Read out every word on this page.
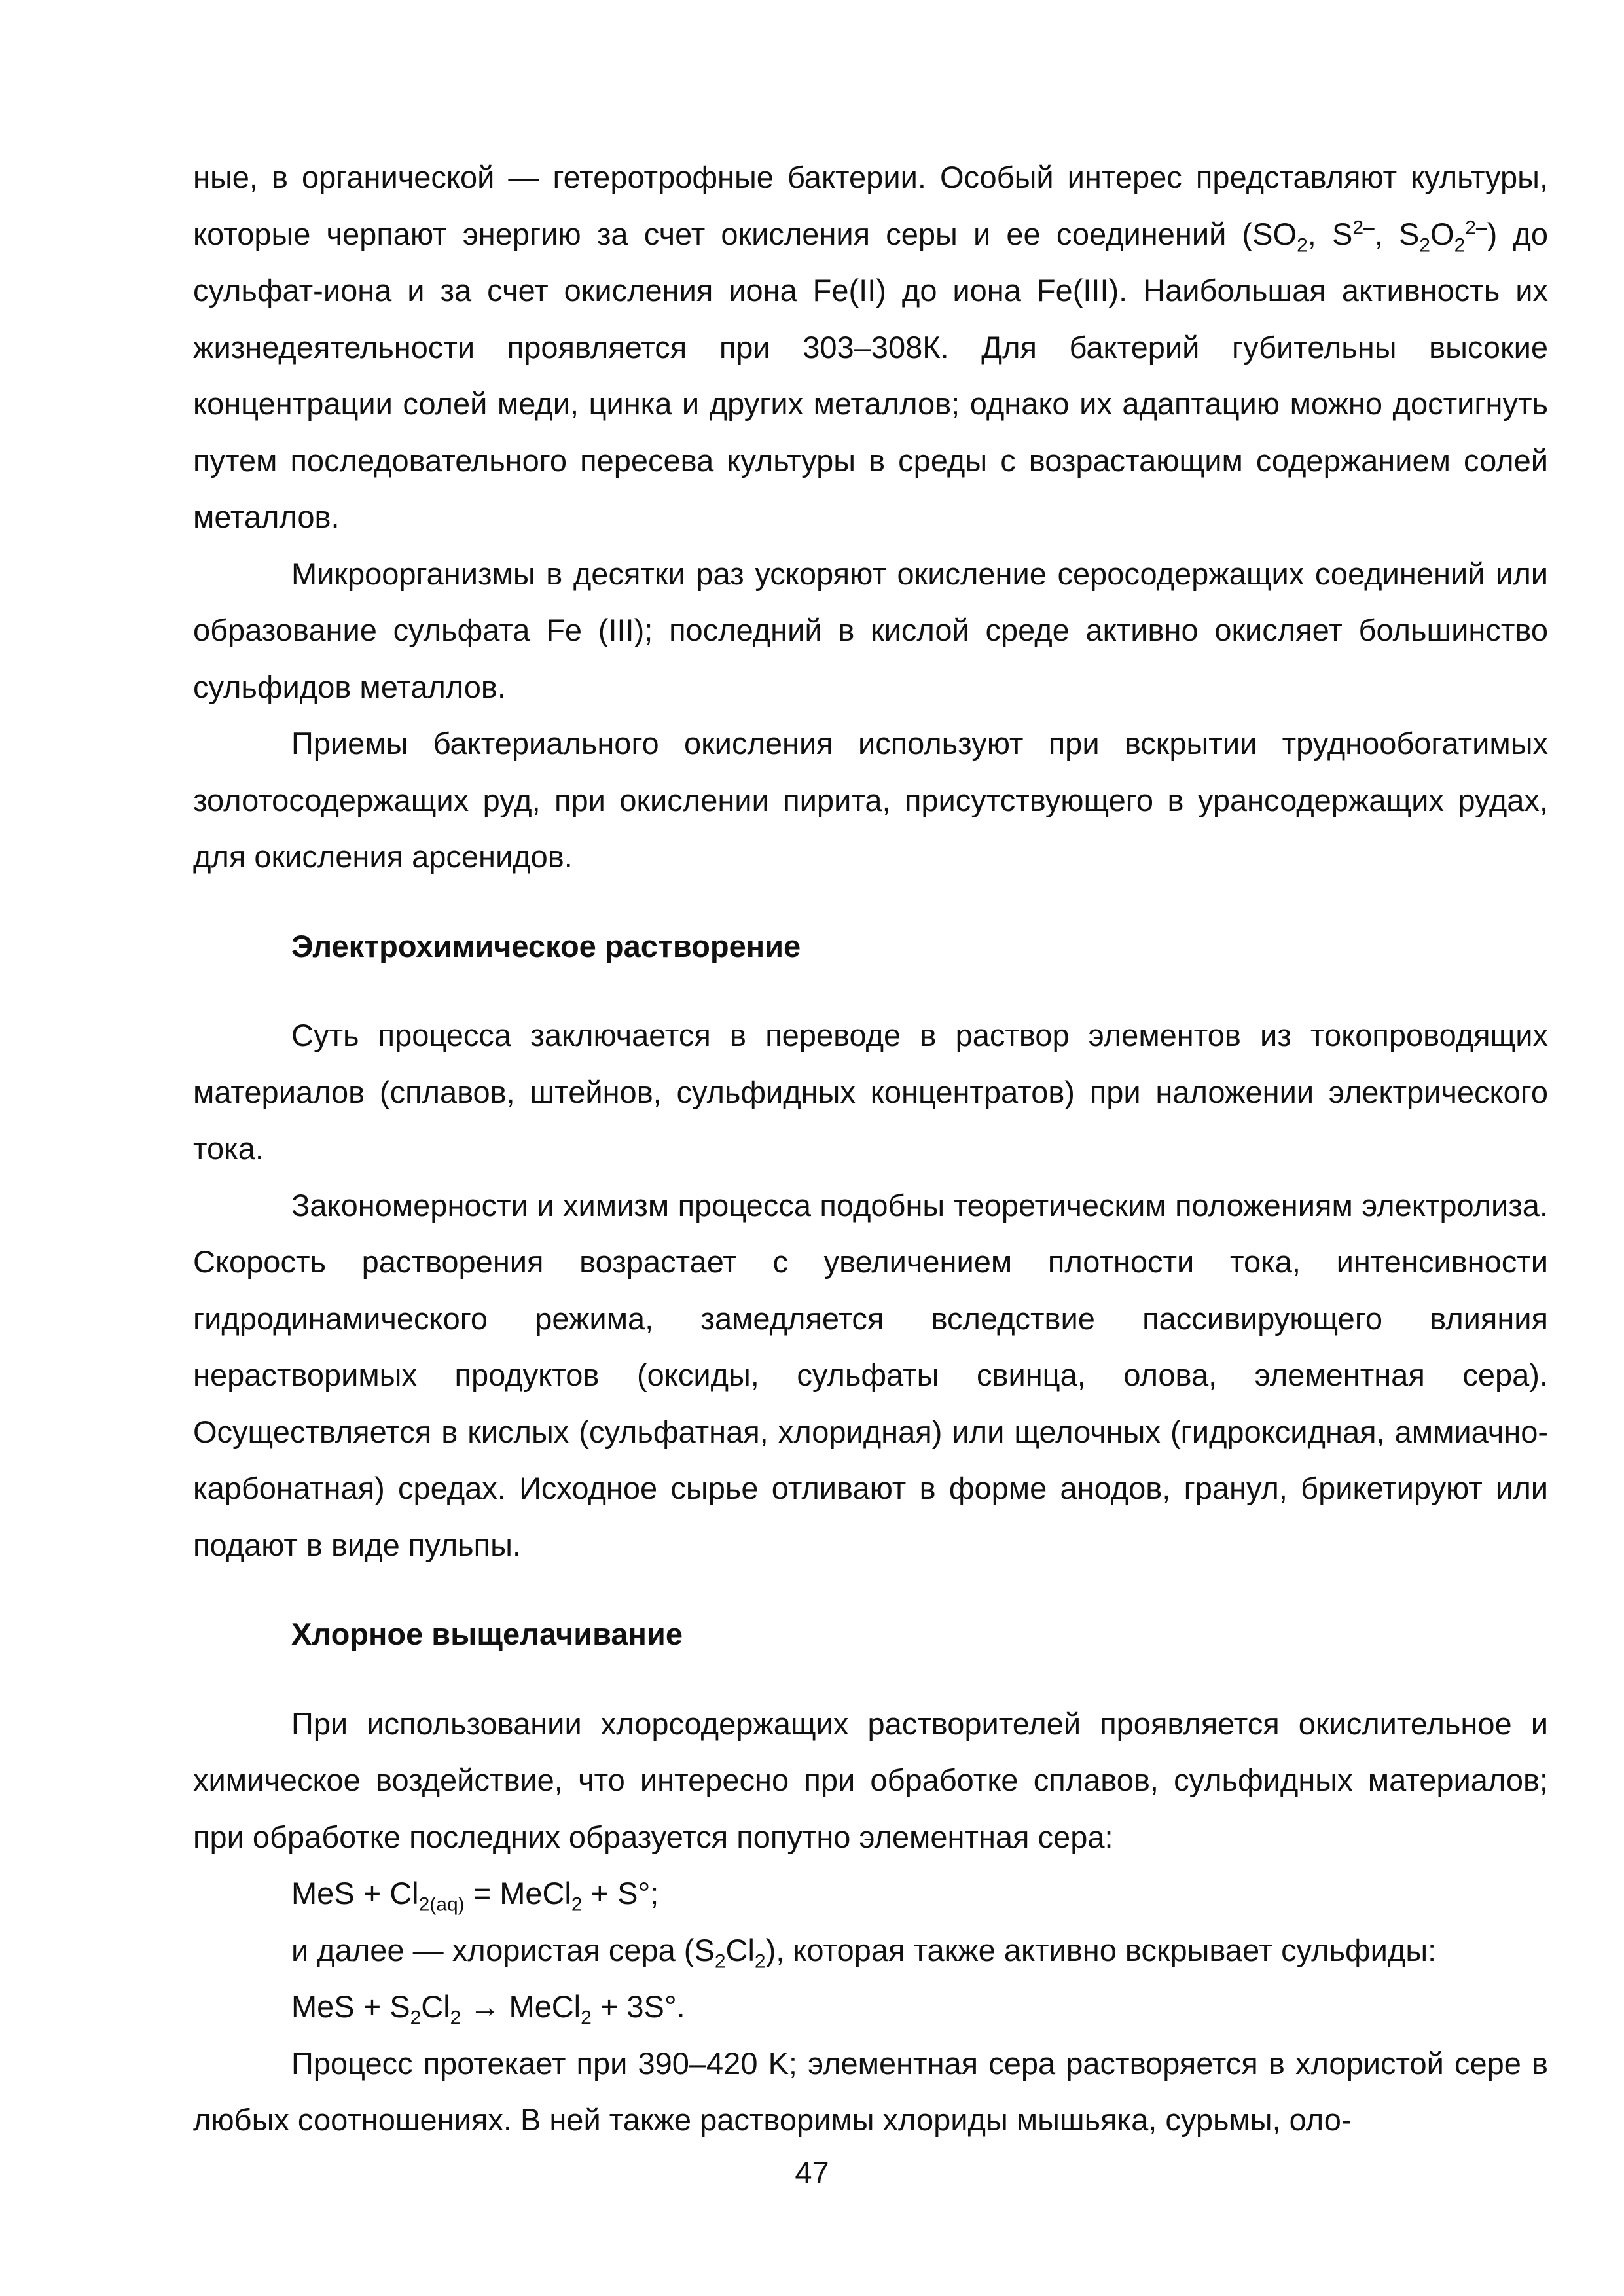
ные, в органической — гетеротрофные бактерии. Особый интерес представляют культуры, которые черпают энергию за счет окисления серы и ее соединений ($SO_2$, $S^{2-}$, $S_2O_2^{2-}$) до сульфат-иона и за счет окисления иона Fe(II) до иона Fe(III). Наибольшая активность их жизнедеятельности проявляется при 303–308К. Для бактерий губительны высокие концентрации солей меди, цинка и других металлов; однако их адаптацию можно достигнуть путем последовательного пересева культуры в среды с возрастающим содержанием солей металлов.

Микроорганизмы в десятки раз ускоряют окисление серосодержащих соединений или образование сульфата Fe (III); последний в кислой среде активно окисляет большинство сульфидов металлов.

Приемы бактериального окисления используют при вскрытии труднообогатимых золотосодержащих руд, при окислении пирита, присутствующего в урансодержащих рудах, для окисления арсенидов.

Электрохимическое растворение

Суть процесса заключается в переводе в раствор элементов из токопроводящих материалов (сплавов, штейнов, сульфидных концентратов) при наложении электрического тока.

Закономерности и химизм процесса подобны теоретическим положениям электролиза. Скорость растворения возрастает с увеличением плотности тока, интенсивности гидродинамического режима, замедляется вследствие пассивирующего влияния нерастворимых продуктов (оксиды, сульфаты свинца, олова, элементная сера). Осуществляется в кислых (сульфатная, хлоридная) или щелочных (гидроксидная, аммиачно-карбонатная) средах. Исходное сырье отливают в форме анодов, гранул, брикетируют или подают в виде пульпы.

Хлорное выщелачивание

При использовании хлорсодержащих растворителей проявляется окислительное и химическое воздействие, что интересно при обработке сплавов, сульфидных материалов; при обработке последних образуется попутно элементная сера:

MeS + $Cl_{2(aq)}$ = MeCl$_2$ + S°;

и далее — хлористая сера $(S_2Cl_2)$, которая также активно вскрывает сульфиды:

MeS + $S_2Cl_2$ → MeCl$_2$ + 3S°.

Процесс протекает при 390–420 K; элементная сера растворяется в хлористой сере в любых соотношениях. В ней также растворимы хлориды мышьяка, сурьмы, оло-

47
